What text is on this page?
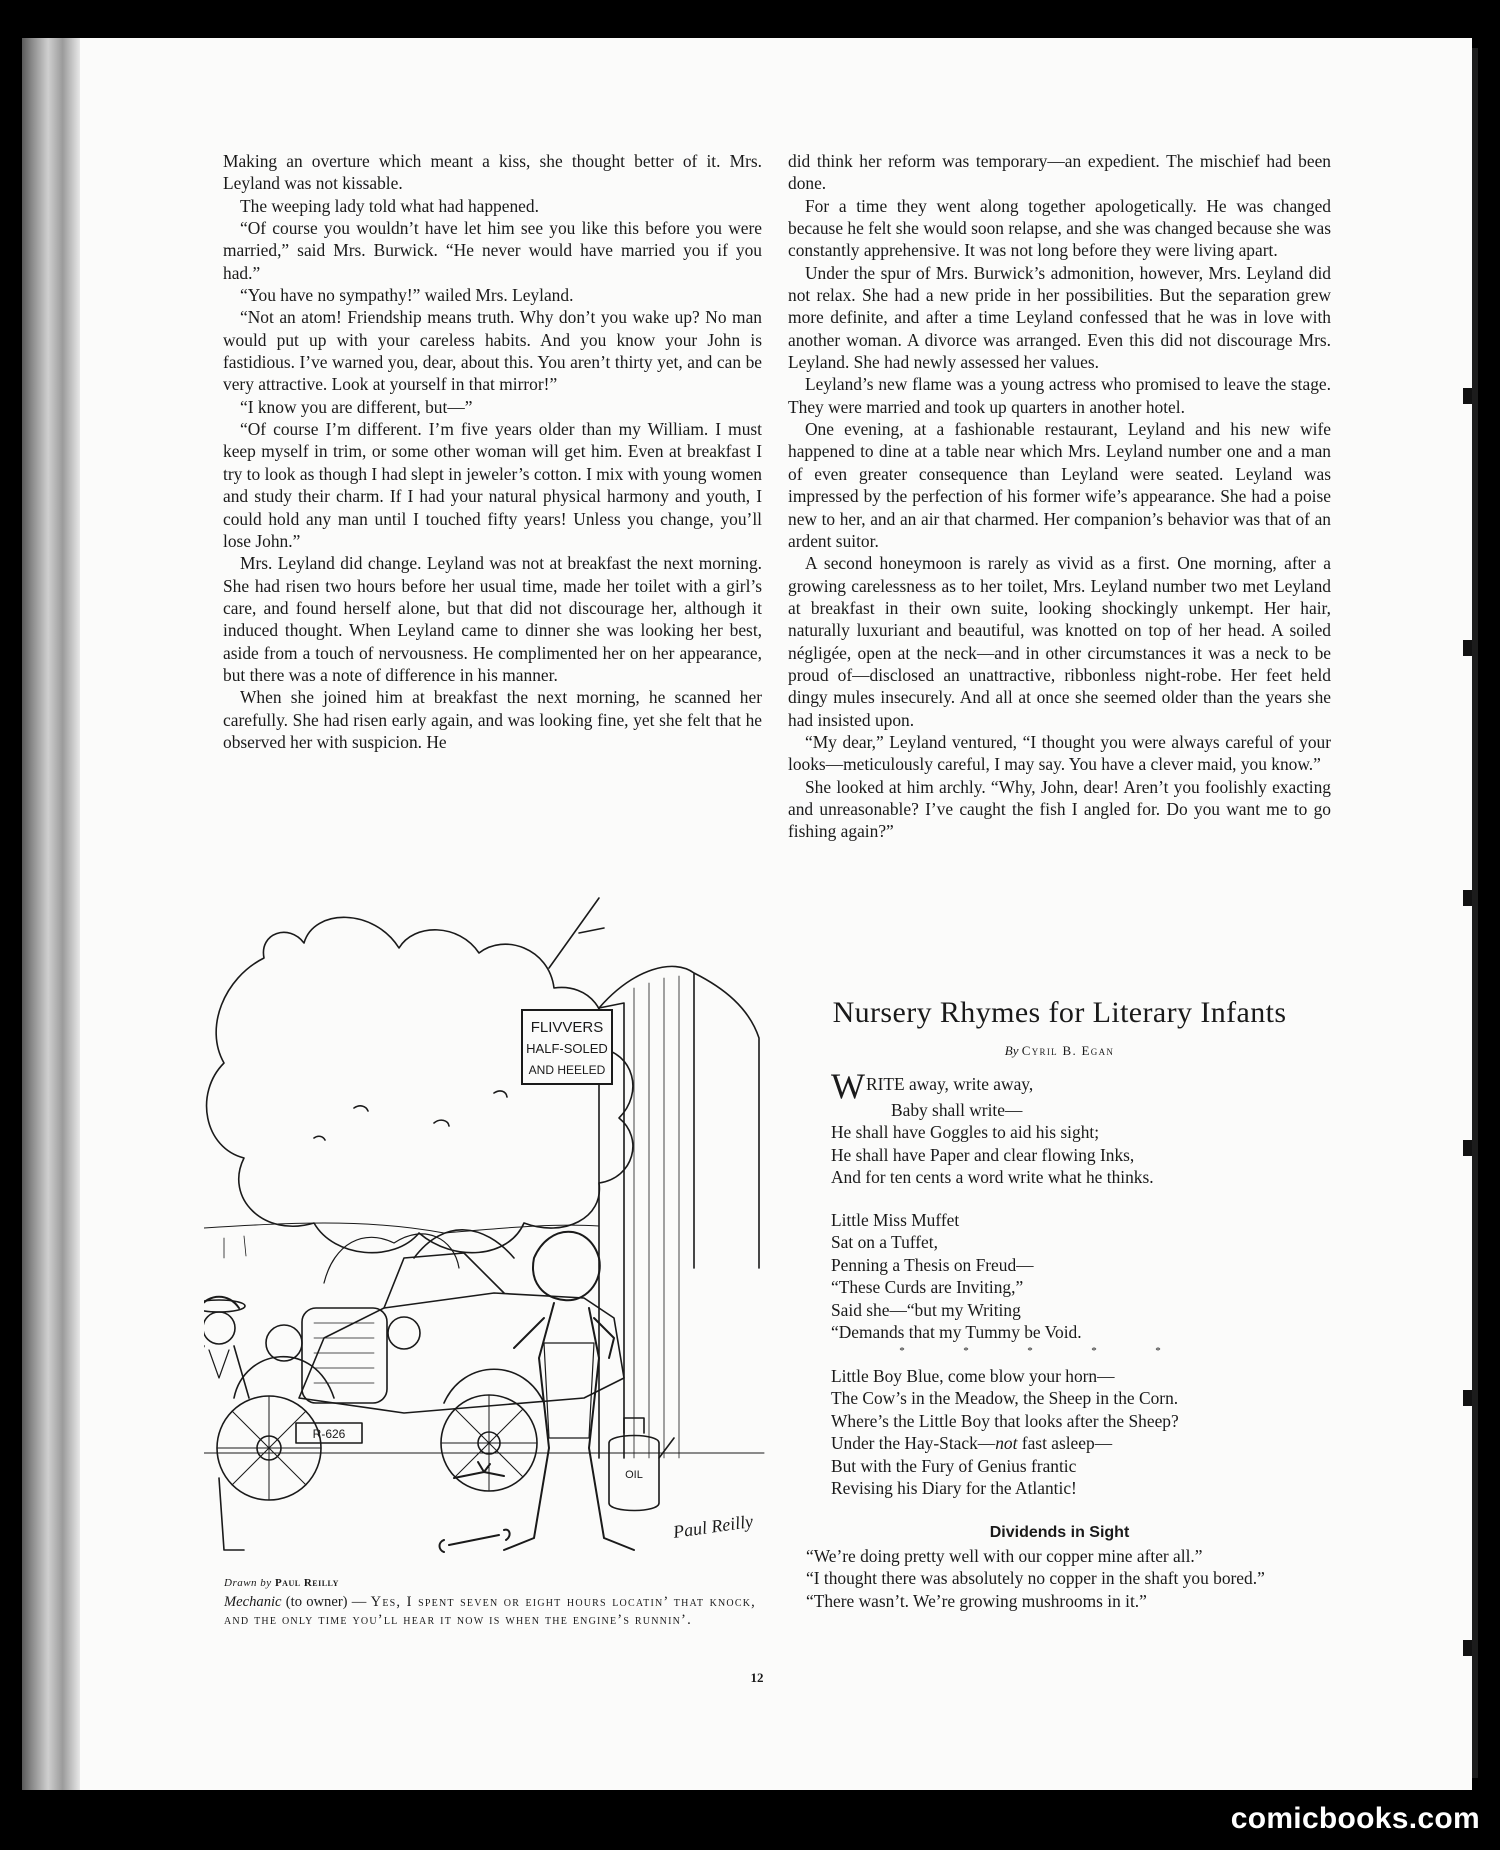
Making an overture which meant a kiss, she thought better of it. Mrs. Leyland was not kissable.

The weeping lady told what had happened.

“Of course you wouldn’t have let him see you like this before you were married,” said Mrs. Burwick. “He never would have married you if you had.”

“You have no sympathy!” wailed Mrs. Leyland.

“Not an atom! Friendship means truth. Why don’t you wake up? No man would put up with your careless habits. And you know your John is fastidious. I’ve warned you, dear, about this. You aren’t thirty yet, and can be very attractive. Look at yourself in that mirror!”

“I know you are different, but—”

“Of course I’m different. I’m five years older than my William. I must keep myself in trim, or some other woman will get him. Even at breakfast I try to look as though I had slept in jeweler’s cotton. I mix with young women and study their charm. If I had your natural physical harmony and youth, I could hold any man until I touched fifty years! Unless you change, you’ll lose John.”

Mrs. Leyland did change. Leyland was not at breakfast the next morning. She had risen two hours before her usual time, made her toilet with a girl’s care, and found herself alone, but that did not discourage her, although it induced thought. When Leyland came to dinner she was looking her best, aside from a touch of nervousness. He complimented her on her appearance, but there was a note of difference in his manner.

When she joined him at breakfast the next morning, he scanned her carefully. She had risen early again, and was looking fine, yet she felt that he observed her with suspicion. He

did think her reform was temporary—an expedient. The mischief had been done.

For a time they went along together apologetically. He was changed because he felt she would soon relapse, and she was changed because she was constantly apprehensive. It was not long before they were living apart.

Under the spur of Mrs. Burwick’s admonition, however, Mrs. Leyland did not relax. She had a new pride in her possibilities. But the separation grew more definite, and after a time Leyland confessed that he was in love with another woman. A divorce was arranged. Even this did not discourage Mrs. Leyland. She had newly assessed her values.

Leyland’s new flame was a young actress who promised to leave the stage. They were married and took up quarters in another hotel.

One evening, at a fashionable restaurant, Leyland and his new wife happened to dine at a table near which Mrs. Leyland number one and a man of even greater consequence than Leyland were seated. Leyland was impressed by the perfection of his former wife’s appearance. She had a poise new to her, and an air that charmed. Her companion’s behavior was that of an ardent suitor.

A second honeymoon is rarely as vivid as a first. One morning, after a growing carelessness as to her toilet, Mrs. Leyland number two met Leyland at breakfast in their own suite, looking shockingly unkempt. Her hair, naturally luxuriant and beautiful, was knotted on top of her head. A soiled négligée, open at the neck—and in other circumstances it was a neck to be proud of—disclosed an unattractive, ribbonless night-robe. Her feet held dingy mules insecurely. And all at once she seemed older than the years she had insisted upon.

“My dear,” Leyland ventured, “I thought you were always careful of your looks—meticulously careful, I may say. You have a clever maid, you know.”

She looked at him archly. “Why, John, dear! Aren’t you foolishly exacting and unreasonable? I’ve caught the fish I angled for. Do you want me to go fishing again?”

FLIVVERS
HALF-SOLED
AND HEELED
R-626
OIL
Paul Reilly
Drawn by Paul Reilly
Mechanic (to owner) — Yes, I spent seven or eight hours locatin’ that knock, and the only time you’ll hear it now is when the engine’s runnin’.
12
Nursery Rhymes for Literary Infants
By Cyril B. Egan
WRITE away, write away,
Baby shall write—
He shall have Goggles to aid his sight;
He shall have Paper and clear flowing Inks,
And for ten cents a word write what he thinks.
Little Miss Muffet
Sat on a Tuffet,
Penning a Thesis on Freud—
“These Curds are Inviting,”
Said she—“but my Writing
“Demands that my Tummy be Void.
*	*	*	*	*
Little Boy Blue, come blow your horn—
The Cow’s in the Meadow, the Sheep in the Corn.
Where’s the Little Boy that looks after the Sheep?
Under the Hay-Stack—not fast asleep—
But with the Fury of Genius frantic
Revising his Diary for the Atlantic!
Dividends in Sight

“We’re doing pretty well with our copper mine after all.”

“I thought there was absolutely no copper in the shaft you bored.”

“There wasn’t. We’re growing mushrooms in it.”

comicbooks.com
